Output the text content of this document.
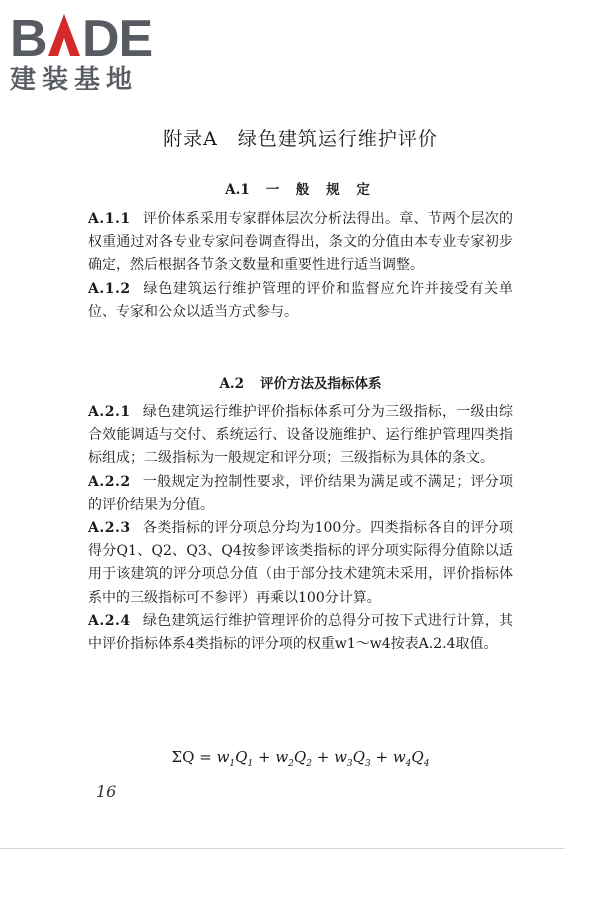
B DE
建装基地
附录A　绿色建筑运行维护评价
A.1 一 般 规 定

A.1.1 评价体系采用专家群体层次分析法得出。章、节两个层次的权重通过对各专业专家问卷调查得出，条文的分值由本专业专家初步确定，然后根据各节条文数量和重要性进行适当调整。

A.1.2 绿色建筑运行维护管理的评价和监督应允许并接受有关单位、专家和公众以适当方式参与。

A.2 评价方法及指标体系

A.2.1 绿色建筑运行维护评价指标体系可分为三级指标，一级由综合效能调适与交付、系统运行、设备设施维护、运行维护管理四类指标组成；二级指标为一般规定和评分项；三级指标为具体的条文。

A.2.2 一般规定为控制性要求，评价结果为满足或不满足；评分项的评价结果为分值。

A.2.3 各类指标的评分项总分均为100分。四类指标各自的评分项得分Q1、Q2、Q3、Q4按参评该类指标的评分项实际得分值除以适用于该建筑的评分项总分值（由于部分技术建筑未采用，评价指标体系中的三级指标可不参评）再乘以100分计算。

A.2.4 绿色建筑运行维护管理评价的总得分可按下式进行计算，其中评价指标体系4类指标的评分项的权重w1～w4按表A.2.4取值。

$\Sigma Q = w_1Q_1 + w_2Q_2 + w_3Q_3 + w_4Q_4$
16
